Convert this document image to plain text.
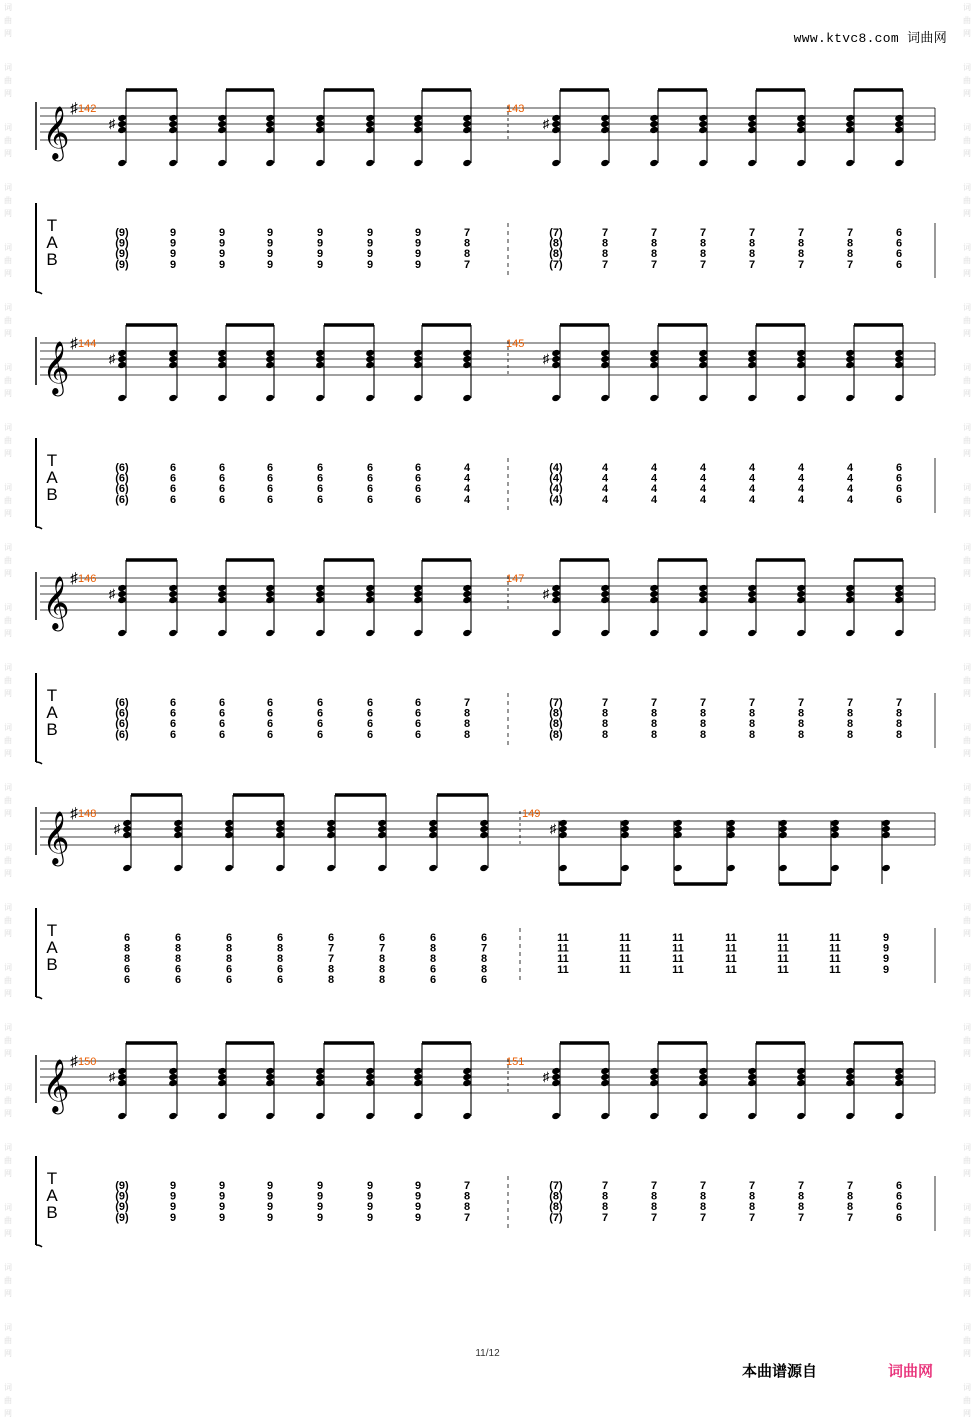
词
曲
网
词
曲
网
词
曲
网
词
曲
网
词
曲
网
词
曲
网
词
曲
网
词
曲
网
词
曲
网
词
曲
网
词
曲
网
词
曲
网
词
曲
网
词
曲
网
词
曲
网
词
曲
网
词
曲
网
词
曲
网
词
曲
网
词
曲
网
词
曲
网
词
曲
网
词
曲
网
词
曲
网
词
曲
网
词
曲
网
词
曲
网
词
曲
网
词
曲
网
词
曲
网
词
曲
网
词
曲
网
词
曲
网
词
曲
网
词
曲
网
词
曲
网
词
曲
网
词
曲
网
词
曲
网
词
曲
网
词
曲
网
词
曲
网
词
曲
网
词
曲
网
词
曲
网
词
曲
网
词
曲
网
词
曲
网
www.ktvc8.com 词曲网
𝄞 ♯
T
A
B
142
♯
(9)
(9)
(9)
(9)
9
9
9
9
9
9
9
9
9
9
9
9
9
9
9
9
9
9
9
9
9
9
9
9
7
8
8
7
143
♯
(7)
(8)
(8)
(7)
7
8
8
7
7
8
8
7
7
8
8
7
7
8
8
7
7
8
8
7
7
8
8
7
6
6
6
6
𝄞 ♯
T
A
B
144
♯
(6)
(6)
(6)
(6)
6
6
6
6
6
6
6
6
6
6
6
6
6
6
6
6
6
6
6
6
6
6
6
6
4
4
4
4
145
♯
(4)
(4)
(4)
(4)
4
4
4
4
4
4
4
4
4
4
4
4
4
4
4
4
4
4
4
4
4
4
4
4
6
6
6
6
𝄞 ♯
T
A
B
146
♯
(6)
(6)
(6)
(6)
6
6
6
6
6
6
6
6
6
6
6
6
6
6
6
6
6
6
6
6
6
6
6
6
7
8
8
8
147
♯
(7)
(8)
(8)
(8)
7
8
8
8
7
8
8
8
7
8
8
8
7
8
8
8
7
8
8
8
7
8
8
8
7
8
8
8
𝄞 ♯
T
A
B
148
♯
6
8
8
6
6
6
8
8
6
6
6
8
8
6
6
6
8
8
6
6
6
7
7
8
8
6
7
8
8
8
6
8
8
6
6
6
7
8
8
6
149
♯
11
11
11
11
11
11
11
11
11
11
11
11
11
11
11
11
11
11
11
11
11
11
11
11
9
9
9
9
𝄞 ♯
T
A
B
150
♯
(9)
(9)
(9)
(9)
9
9
9
9
9
9
9
9
9
9
9
9
9
9
9
9
9
9
9
9
9
9
9
9
7
8
8
7
151
♯
(7)
(8)
(8)
(7)
7
8
8
7
7
8
8
7
7
8
8
7
7
8
8
7
7
8
8
7
7
8
8
7
6
6
6
6
11/12
本曲谱源自	词曲网
